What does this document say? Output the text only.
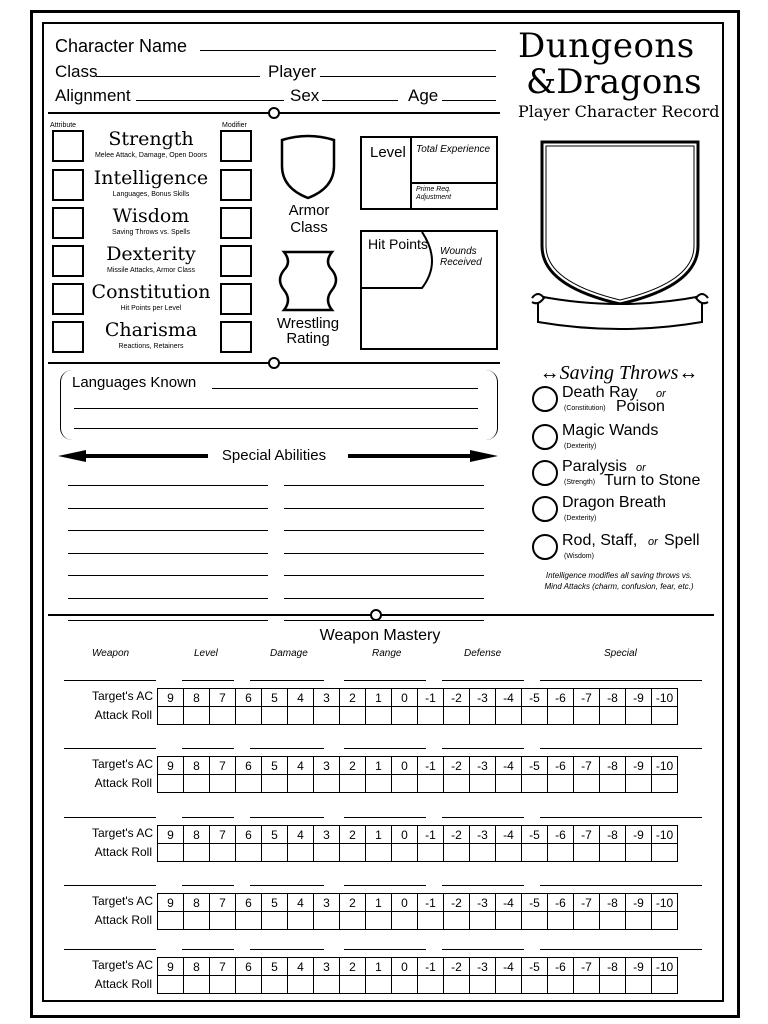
Character Name
Class	Player
Alignment	Sex	Age
Dungeons
&Dragons
Player Character Record
Attribute	Modifier
Strength
Melee Attack, Damage, Open Doors
Intelligence
Languages, Bonus Skills
Wisdom
Saving Throws vs. Spells
Dexterity
Missile Attacks, Armor Class
Constitution
Hit Points per Level
Charisma
Reactions, Retainers
Armor
Class
Wrestling
Rating
Level Total Experience
Prime Req. Adjustment
Hit Points Wounds Received
Languages Known
Special Abilities
↔Saving Throws↔
Death Ray
(Constitution)
or
Poison
Magic Wands
(Dexterity)
Paralysis
(Strength)
or
Turn to Stone
Dragon Breath
(Dexterity)
Rod, Staff,
(Wisdom)
or Spell
Intelligence modifies all saving throws vs.
Mind Attacks (charm, confusion, fear, etc.)
Weapon Mastery
Weapon	Level	Damage	Range	Defense	Special
Target's AC
Attack Roll
9	8	7	6	5	4	3	2	1	0	-1	-2	-3	-4	-5	-6	-7	-8	-9	-10

Target's AC
Attack Roll
9	8	7	6	5	4	3	2	1	0	-1	-2	-3	-4	-5	-6	-7	-8	-9	-10

Target's AC
Attack Roll
9	8	7	6	5	4	3	2	1	0	-1	-2	-3	-4	-5	-6	-7	-8	-9	-10

Target's AC
Attack Roll
9	8	7	6	5	4	3	2	1	0	-1	-2	-3	-4	-5	-6	-7	-8	-9	-10

Target's AC
Attack Roll
9	8	7	6	5	4	3	2	1	0	-1	-2	-3	-4	-5	-6	-7	-8	-9	-10
